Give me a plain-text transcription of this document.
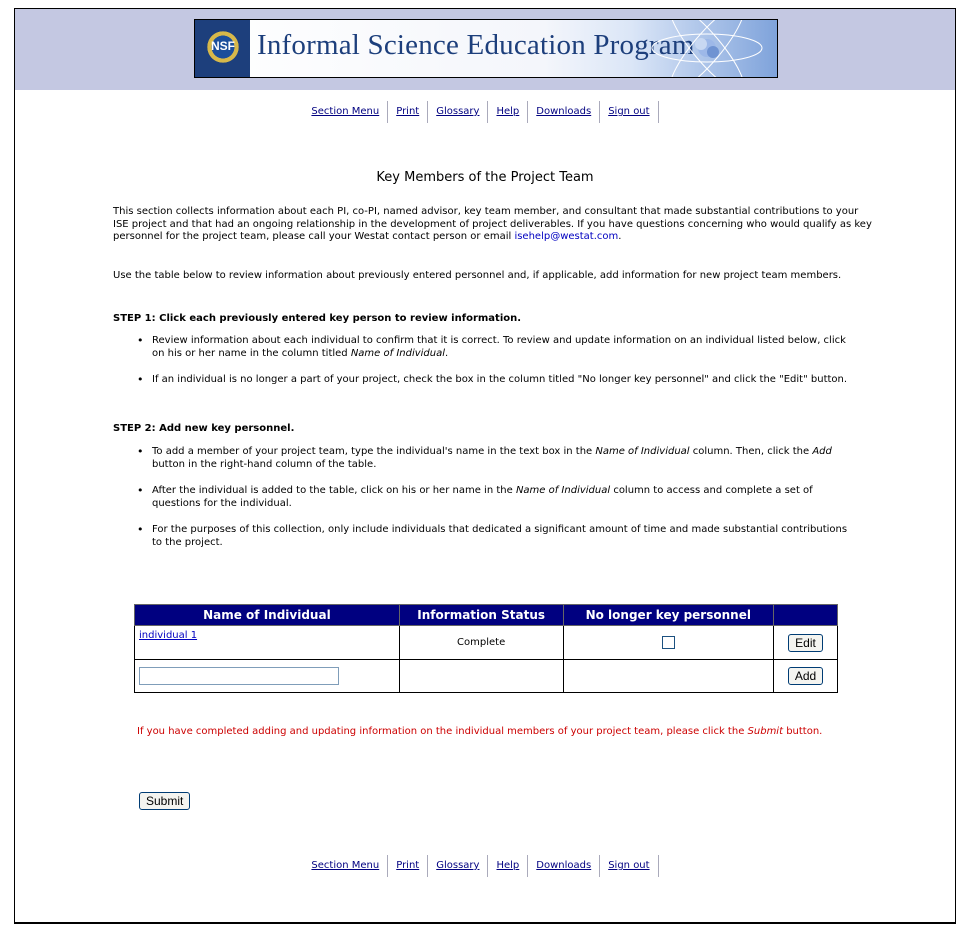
NSF Informal Science Education Program
Section Menu Print Glossary Help Downloads Sign out
Key Members of the Project Team
This section collects information about each PI, co-PI, named advisor, key team member, and consultant that made substantial contributions to your ISE project and that had an ongoing relationship in the development of project deliverables. If you have questions concerning who would qualify as key personnel for the project team, please call your Westat contact person or email isehelp@westat.com.
Use the table below to review information about previously entered personnel and, if applicable, add information for new project team members.
STEP 1: Click each previously entered key person to review information.
• Review information about each individual to confirm that it is correct. To review and update information on an individual listed below, click on his or her name in the column titled Name of Individual.
• If an individual is no longer a part of your project, check the box in the column titled "No longer key personnel" and click the "Edit" button.
STEP 2: Add new key personnel.
• To add a member of your project team, type the individual's name in the text box in the Name of Individual column. Then, click the Add button in the right-hand column of the table.
• After the individual is added to the table, click on his or her name in the Name of Individual column to access and complete a set of questions for the individual.
• For the purposes of this collection, only include individuals that dedicated a significant amount of time and made substantial contributions to the project.
Name of Individual	Information Status	No longer key personnel	
individual 1	Complete		Edit
			Add
If you have completed adding and updating information on the individual members of your project team, please click the Submit button.
Submit
Section Menu Print Glossary Help Downloads Sign out
